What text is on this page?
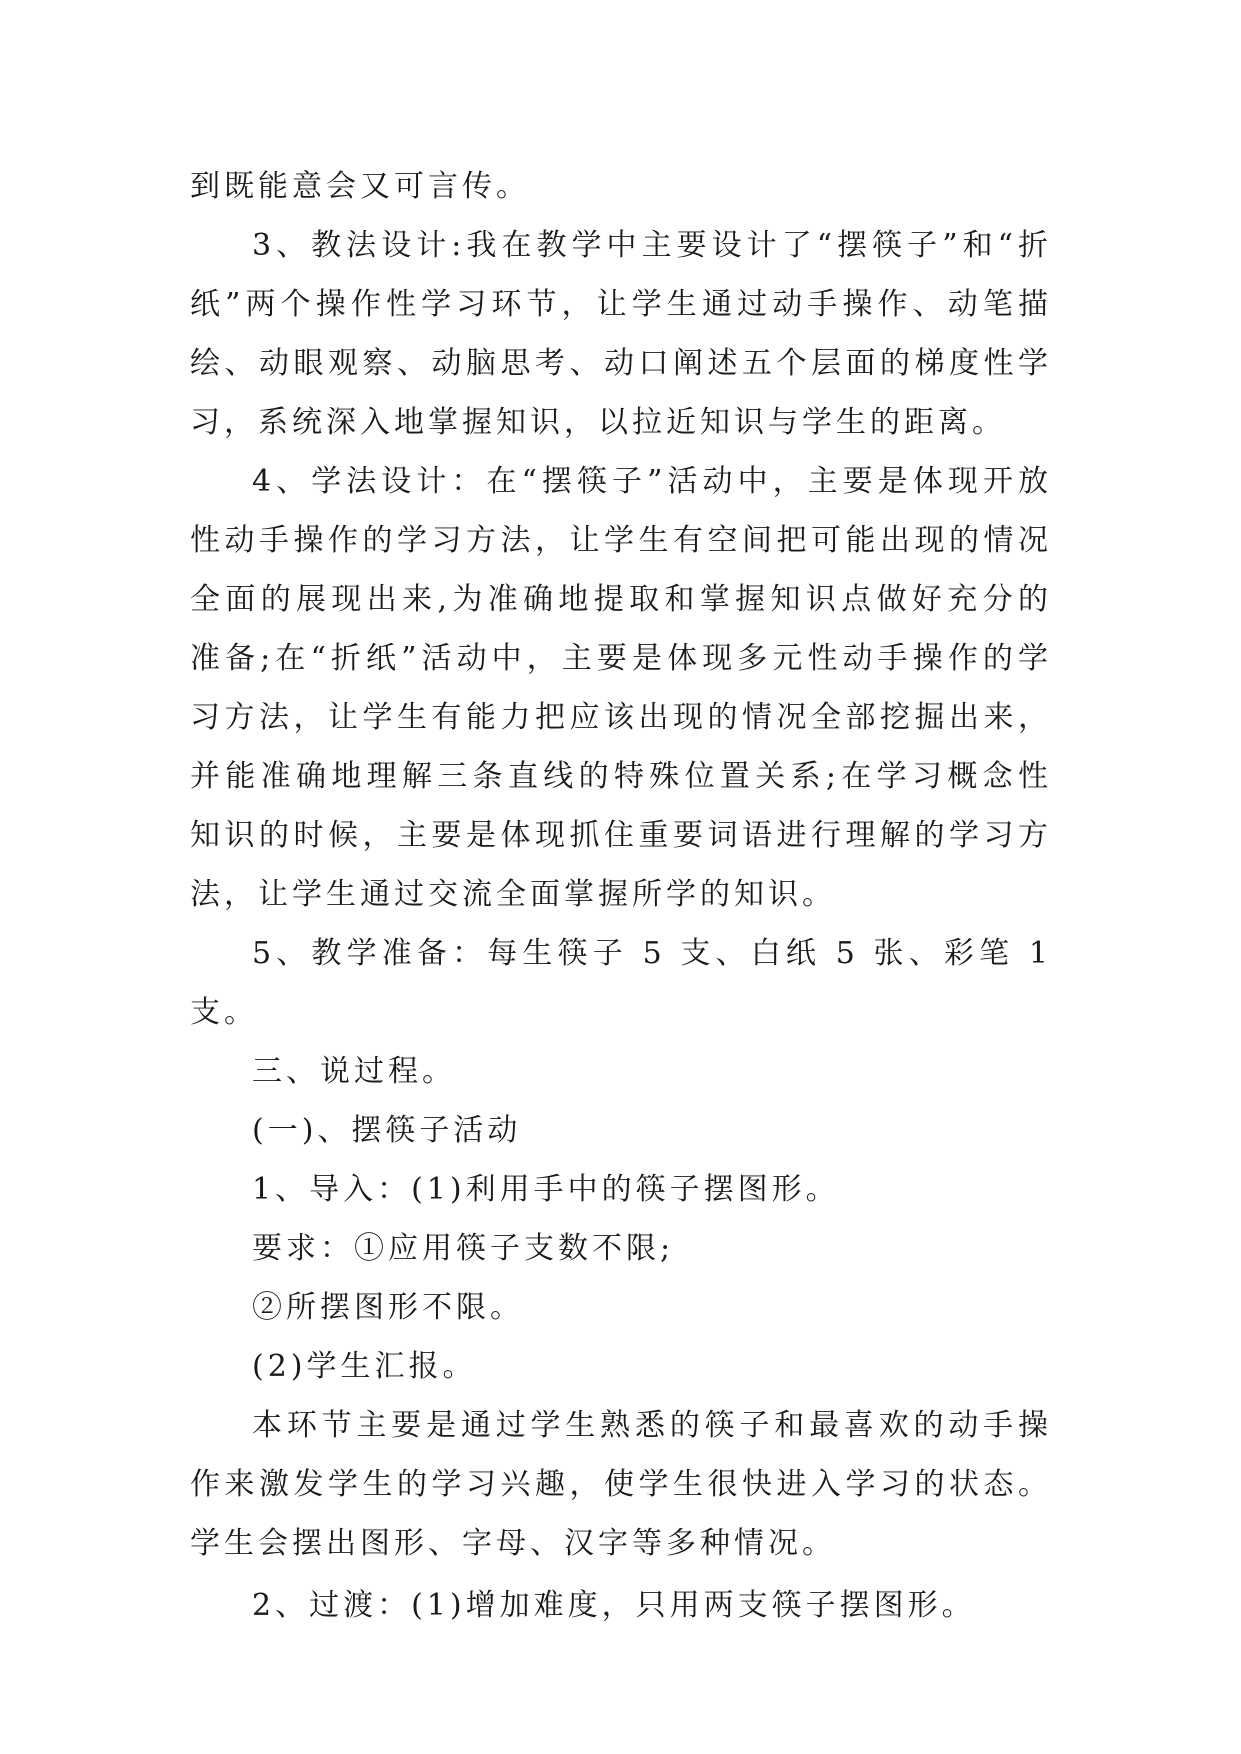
到既能意会又可言传。

3、教法设计:我在教学中主要设计了“摆筷子”和“折纸”两个操作性学习环节，让学生通过动手操作、动笔描绘、动眼观察、动脑思考、动口阐述五个层面的梯度性学习，系统深入地掌握知识，以拉近知识与学生的距离。

4、学法设计：在“摆筷子”活动中，主要是体现开放性动手操作的学习方法，让学生有空间把可能出现的情况全面的展现出来,为准确地提取和掌握知识点做好充分的准备;在“折纸”活动中，主要是体现多元性动手操作的学习方法，让学生有能力把应该出现的情况全部挖掘出来，并能准确地理解三条直线的特殊位置关系;在学习概念性知识的时候，主要是体现抓住重要词语进行理解的学习方法，让学生通过交流全面掌握所学的知识。

5、教学准备：每生筷子 5 支、白纸 5 张、彩笔 1 支。

三、说过程。

(一)、摆筷子活动

1、导入：(1)利用手中的筷子摆图形。

要求：①应用筷子支数不限;

②所摆图形不限。

(2)学生汇报。

本环节主要是通过学生熟悉的筷子和最喜欢的动手操作来激发学生的学习兴趣，使学生很快进入学习的状态。学生会摆出图形、字母、汉字等多种情况。

2、过渡：(1)增加难度，只用两支筷子摆图形。
